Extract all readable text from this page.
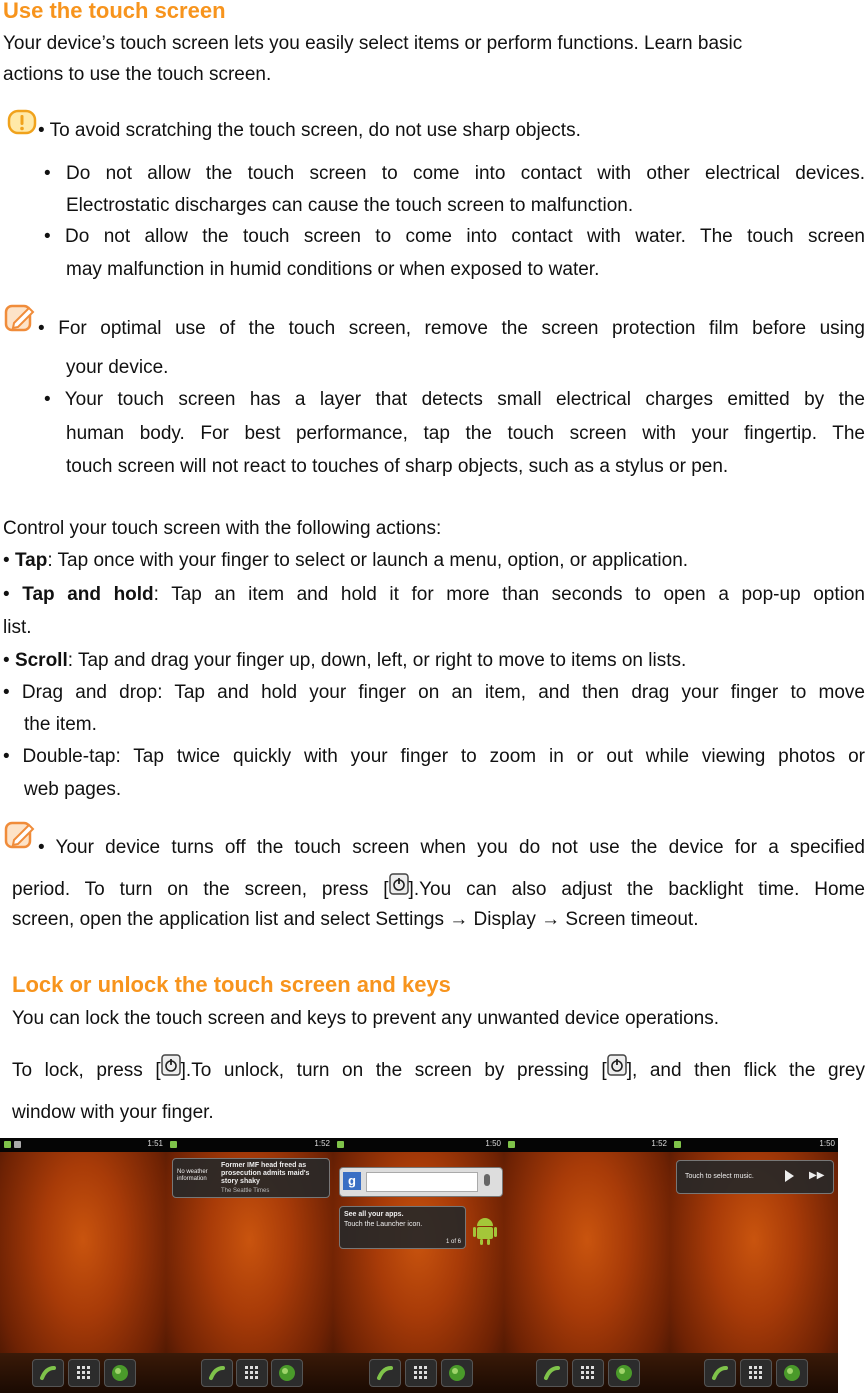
Use the touch screen
Your device’s touch screen lets you easily select items or perform functions. Learn basic
actions to use the touch screen.
• To avoid scratching the touch screen, do not use sharp objects.
• Do not allow the touch screen to come into contact with other electrical devices.
Electrostatic discharges can cause the touch screen to malfunction.
• Do not allow the touch screen to come into contact with water. The touch screen
may malfunction in humid conditions or when exposed to water.
• For optimal use of the touch screen, remove the screen protection film before using
your device.
• Your touch screen has a layer that detects small electrical charges emitted by the
human body. For best performance, tap the touch screen with your fingertip. The
touch screen will not react to touches of sharp objects, such as a stylus or pen.
Control your touch screen with the following actions:
• Tap: Tap once with your finger to select or launch a menu, option, or application.
• Tap and hold: Tap an item and hold it for more than seconds to open a pop-up option
list.
• Scroll: Tap and drag your finger up, down, left, or right to move to items on lists.
• Drag and drop: Tap and hold your finger on an item, and then drag your finger to move
the item.
• Double-tap: Tap twice quickly with your finger to zoom in or out while viewing photos or
web pages.
• Your device turns off the touch screen when you do not use the device for a specified
period. To turn on the screen, press [ ].You can also adjust the backlight time. Home
screen, open the application list and select Settings → Display → Screen timeout.
Lock or unlock the touch screen and keys
You can lock the touch screen and keys to prevent any unwanted device operations.
To lock, press [ ].To unlock, turn on the screen by pressing [ ], and then flick the grey
window with your finger.
1:51	1:52
No weather information
Former IMF head freed as prosecution admits maid's story shaky
The Seattle Times
1:50
g
See all your apps.
Touch the Launcher icon.
1 of 6
1:52	1:50
Touch to select music.	▶▶
